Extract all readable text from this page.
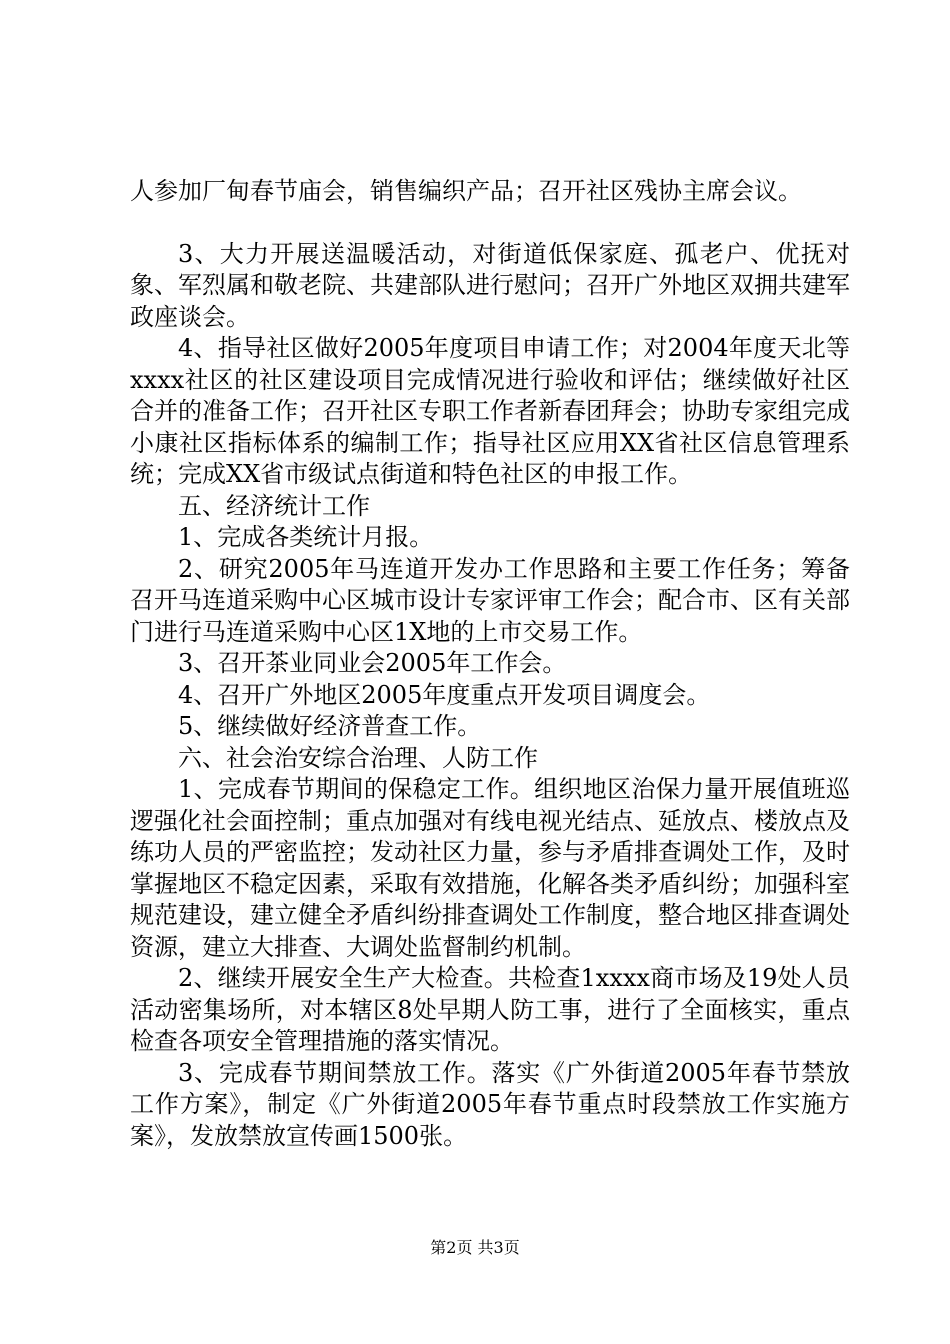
人参加厂甸春节庙会，销售编织产品；召开社区残协主席会议。

3、大力开展送温暖活动，对街道低保家庭、孤老户、优抚对象、军烈属和敬老院、共建部队进行慰问；召开广外地区双拥共建军政座谈会。

4、指导社区做好2005年度项目申请工作；对2004年度天北等xxxx社区的社区建设项目完成情况进行验收和评估；继续做好社区合并的准备工作；召开社区专职工作者新春团拜会；协助专家组完成小康社区指标体系的编制工作；指导社区应用XX省社区信息管理系统；完成XX省市级试点街道和特色社区的申报工作。

五、经济统计工作

1、完成各类统计月报。

2、研究2005年马连道开发办工作思路和主要工作任务；筹备召开马连道采购中心区城市设计专家评审工作会；配合市、区有关部门进行马连道采购中心区1X地的上市交易工作。

3、召开茶业同业会2005年工作会。

4、召开广外地区2005年度重点开发项目调度会。

5、继续做好经济普查工作。

六、社会治安综合治理、人防工作

1、完成春节期间的保稳定工作。组织地区治保力量开展值班巡逻强化社会面控制；重点加强对有线电视光结点、延放点、楼放点及练功人员的严密监控；发动社区力量，参与矛盾排查调处工作，及时掌握地区不稳定因素，采取有效措施，化解各类矛盾纠纷；加强科室规范建设，建立健全矛盾纠纷排查调处工作制度，整合地区排查调处资源，建立大排查、大调处监督制约机制。

2、继续开展安全生产大检查。共检查1xxxx商市场及19处人员活动密集场所，对本辖区8处早期人防工事，进行了全面核实，重点检查各项安全管理措施的落实情况。

3、完成春节期间禁放工作。落实《广外街道2005年春节禁放工作方案》，制定《广外街道2005年春节重点时段禁放工作实施方案》，发放禁放宣传画1500张。

第2页 共3页
